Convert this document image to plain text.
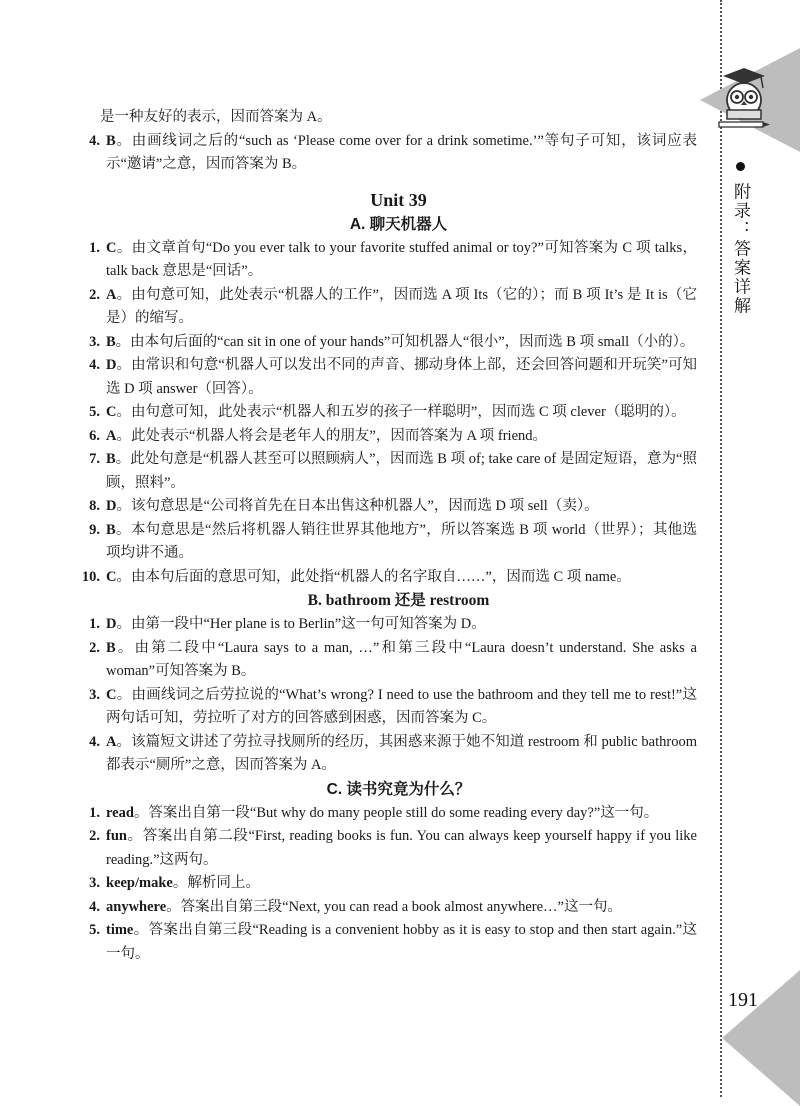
附录：答案详解
191

是一种友好的表示，因而答案为 A。

4. B。由画线词之后的“such as ‘Please come over for a drink sometime.’”等句子可知，该词应表示“邀请”之意，因而答案为 B。
Unit 39
A. 聊天机器人
1. C。由文章首句“Do you ever talk to your favorite stuffed animal or toy?”可知答案为 C 项 talks，talk back 意思是“回话”。
2. A。由句意可知，此处表示“机器人的工作”，因而选 A 项 Its（它的）；而 B 项 It’s 是 It is（它是）的缩写。
3. B。由本句后面的“can sit in one of your hands”可知机器人“很小”，因而选 B 项 small（小的）。
4. D。由常识和句意“机器人可以发出不同的声音、挪动身体上部，还会回答问题和开玩笑”可知选 D 项 answer（回答）。
5. C。由句意可知，此处表示“机器人和五岁的孩子一样聪明”，因而选 C 项 clever（聪明的）。
6. A。此处表示“机器人将会是老年人的朋友”，因而答案为 A 项 friend。
7. B。此处句意是“机器人甚至可以照顾病人”，因而选 B 项 of; take care of 是固定短语，意为“照顾，照料”。
8. D。该句意思是“公司将首先在日本出售这种机器人”，因而选 D 项 sell（卖）。
9. B。本句意思是“然后将机器人销往世界其他地方”，所以答案选 B 项 world（世界）；其他选项均讲不通。
10. C。由本句后面的意思可知，此处指“机器人的名字取自……”，因而选 C 项 name。
B. bathroom 还是 restroom
1. D。由第一段中“Her plane is to Berlin”这一句可知答案为 D。
2. B。由第二段中“Laura says to a man, …”和第三段中“Laura doesn’t understand. She asks a woman”可知答案为 B。
3. C。由画线词之后劳拉说的“What’s wrong? I need to use the bathroom and they tell me to rest!”这两句话可知，劳拉听了对方的回答感到困惑，因而答案为 C。
4. A。该篇短文讲述了劳拉寻找厕所的经历，其困惑来源于她不知道 restroom 和 public bathroom 都表示“厕所”之意，因而答案为 A。
C. 读书究竟为什么？
1. read。答案出自第一段“But why do many people still do some reading every day?”这一句。
2. fun。答案出自第二段“First, reading books is fun. You can always keep yourself happy if you like reading.”这两句。
3. keep/make。解析同上。
4. anywhere。答案出自第三段“Next, you can read a book almost anywhere…”这一句。
5. time。答案出自第三段“Reading is a convenient hobby as it is easy to stop and then start again.”这一句。
